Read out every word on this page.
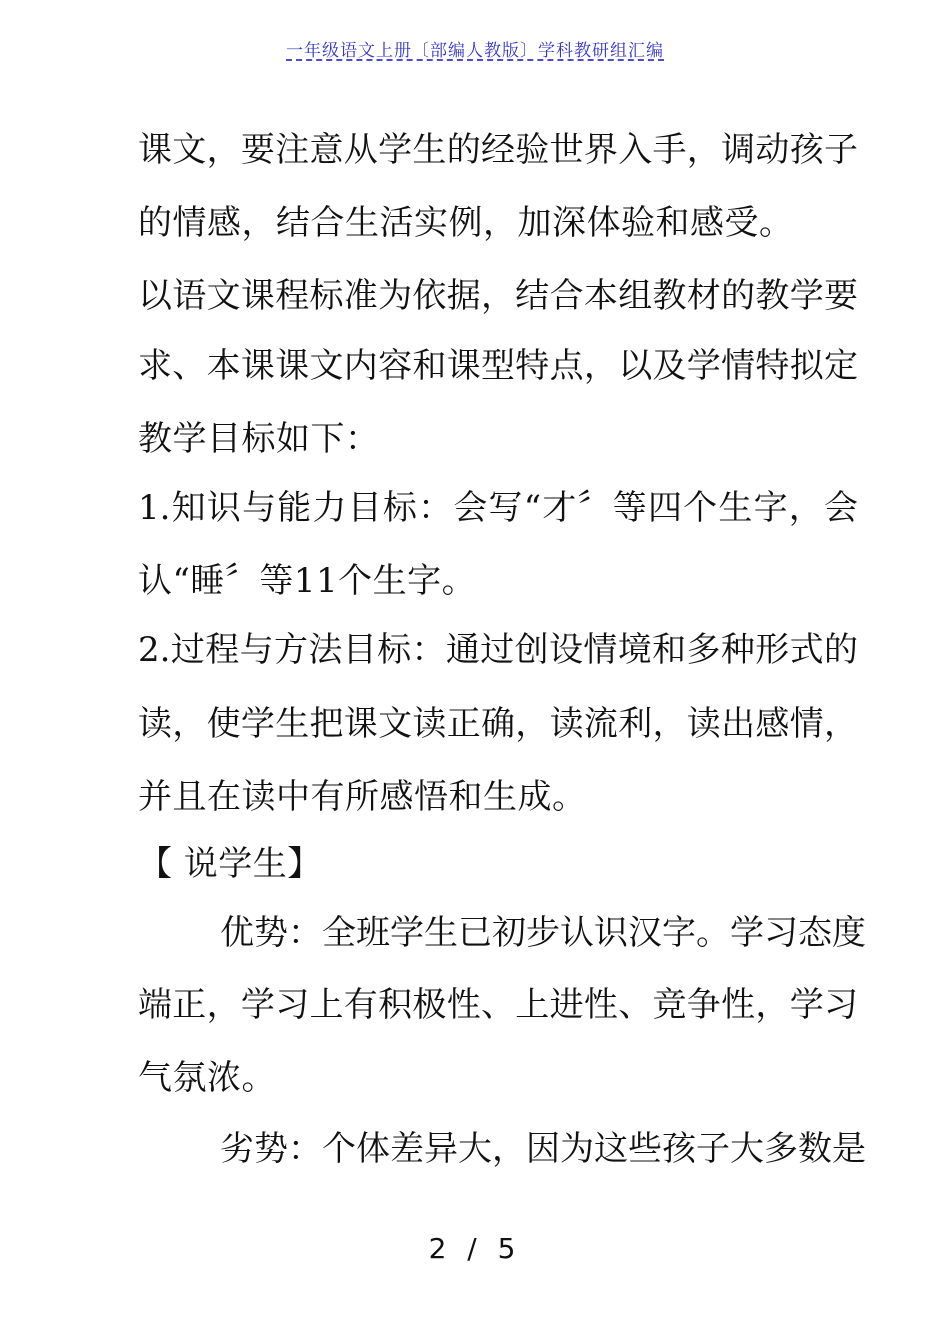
一年级语文上册〔部编人教版〕学科教研组汇编
课文，要注意从学生的经验世界入手，调动孩子
的情感，结合生活实例，加深体验和感受。
以语文课程标准为依据，结合本组教材的教学要
求、本课课文内容和课型特点，以及学情特拟定
教学目标如下：
1.知识与能力目标：会写“才〞等四个生字，会
认“睡〞等11个生字。
2.过程与方法目标：通过创设情境和多种形式的
读，使学生把课文读正确，读流利，读出感情，
并且在读中有所感悟和生成。
【 说学生】
优势：全班学生已初步认识汉字。学习态度
端正，学习上有积极性、上进性、竞争性，学习
气氛浓。
劣势：个体差异大，因为这些孩子大多数是
2 / 5
